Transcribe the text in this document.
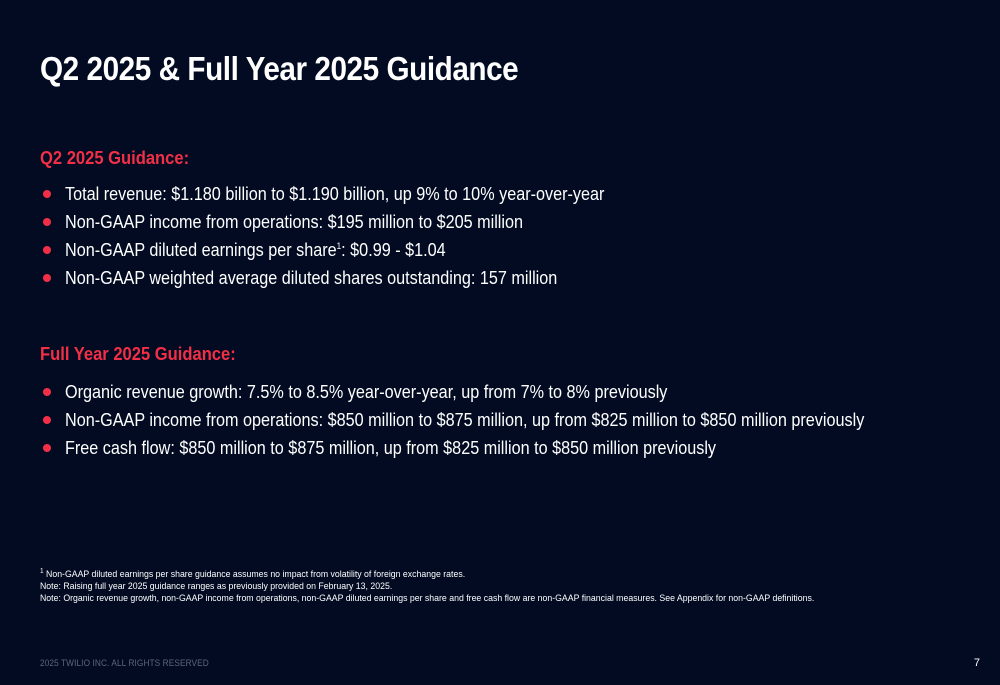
Q2 2025 & Full Year 2025 Guidance
Q2 2025 Guidance:
Total revenue: $1.180 billion to $1.190 billion, up 9% to 10% year-over-year
Non-GAAP income from operations: $195 million to $205 million
Non-GAAP diluted earnings per share$^1$: $0.99 - $1.04
Non-GAAP weighted average diluted shares outstanding: 157 million
Full Year 2025 Guidance:
Organic revenue growth: 7.5% to 8.5% year-over-year, up from 7% to 8% previously
Non-GAAP income from operations: $850 million to $875 million, up from $825 million to $850 million previously
Free cash flow: $850 million to $875 million, up from $825 million to $850 million previously
$^1$ Non-GAAP diluted earnings per share guidance assumes no impact from volatility of foreign exchange rates.
Note: Raising full year 2025 guidance ranges as previously provided on February 13, 2025.
Note: Organic revenue growth, non-GAAP income from operations, non-GAAP diluted earnings per share and free cash flow are non-GAAP financial measures. See Appendix for non-GAAP definitions.
2025 TWILIO INC. ALL RIGHTS RESERVED	7
